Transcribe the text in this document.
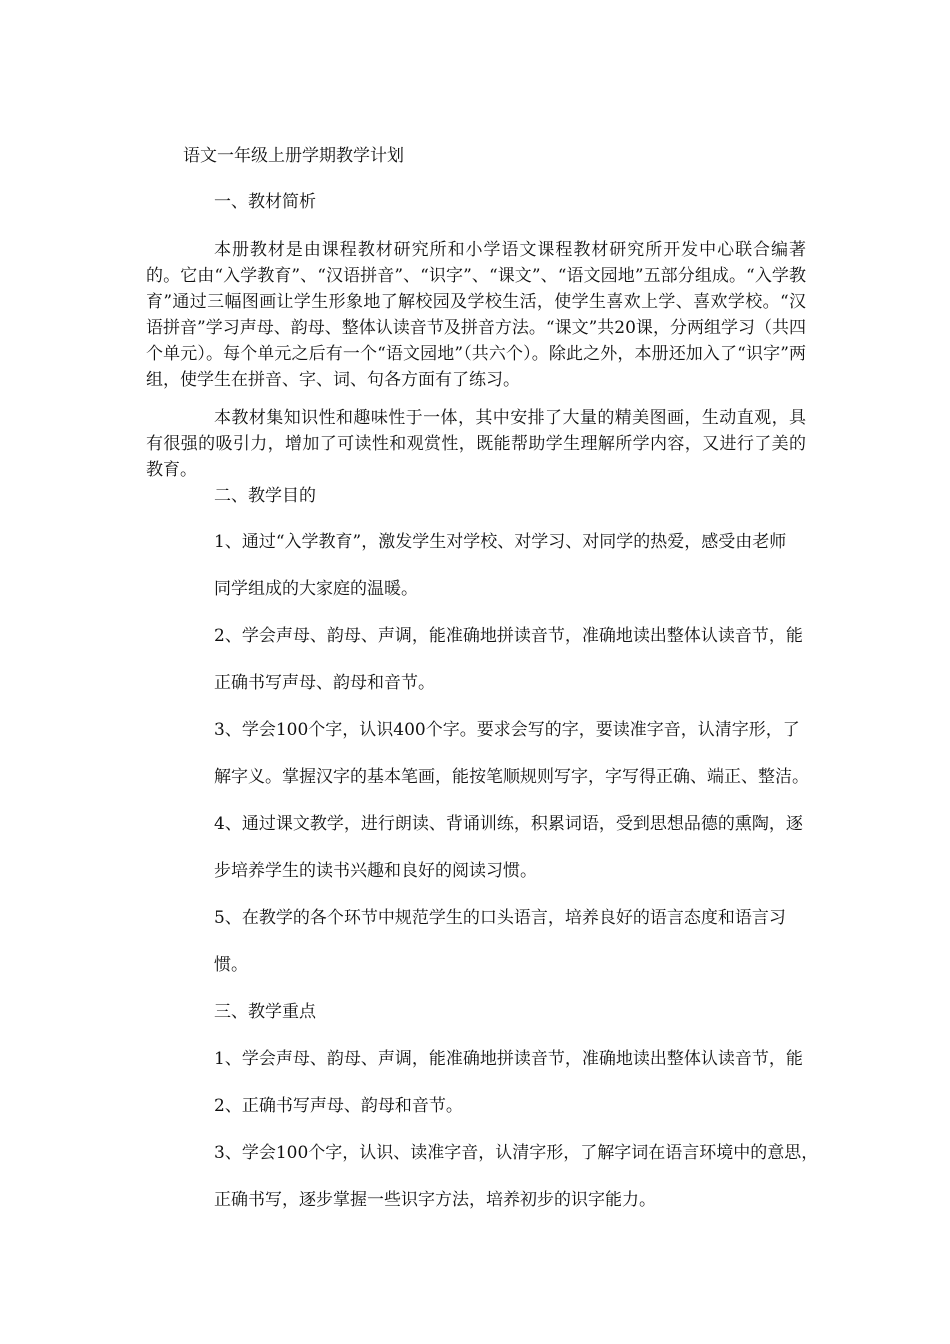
语文一年级上册学期教学计划
一、教材简析

本册教材是由课程教材研究所和小学语文课程教材研究所开发中心联合编著的。它由“入学教育”、“汉语拼音”、“识字”、“课文”、“语文园地”五部分组成。“入学教育”通过三幅图画让学生形象地了解校园及学校生活，使学生喜欢上学、喜欢学校。“汉语拼音”学习声母、韵母、整体认读音节及拼音方法。“课文”共20课，分两组学习（共四个单元）。每个单元之后有一个“语文园地”（共六个）。除此之外，本册还加入了“识字”两组，使学生在拼音、字、词、句各方面有了练习。

本教材集知识性和趣味性于一体，其中安排了大量的精美图画，生动直观，具有很强的吸引力，增加了可读性和观赏性，既能帮助学生理解所学内容，又进行了美的教育。

二、教学目的
1、通过“入学教育”，激发学生对学校、对学习、对同学的热爱，感受由老师
同学组成的大家庭的温暖。
2、学会声母、韵母、声调，能准确地拼读音节，准确地读出整体认读音节，能
正确书写声母、韵母和音节。
3、学会100个字，认识400个字。要求会写的字，要读准字音，认清字形，了
解字义。掌握汉字的基本笔画，能按笔顺规则写字，字写得正确、端正、整洁。
4、通过课文教学，进行朗读、背诵训练，积累词语，受到思想品德的熏陶，逐
步培养学生的读书兴趣和良好的阅读习惯。
5、在教学的各个环节中规范学生的口头语言，培养良好的语言态度和语言习
惯。
三、教学重点
1、学会声母、韵母、声调，能准确地拼读音节，准确地读出整体认读音节，能
2、正确书写声母、韵母和音节。
3、学会100个字，认识、读准字音，认清字形，了解字词在语言环境中的意思，
正确书写，逐步掌握一些识字方法，培养初步的识字能力。
